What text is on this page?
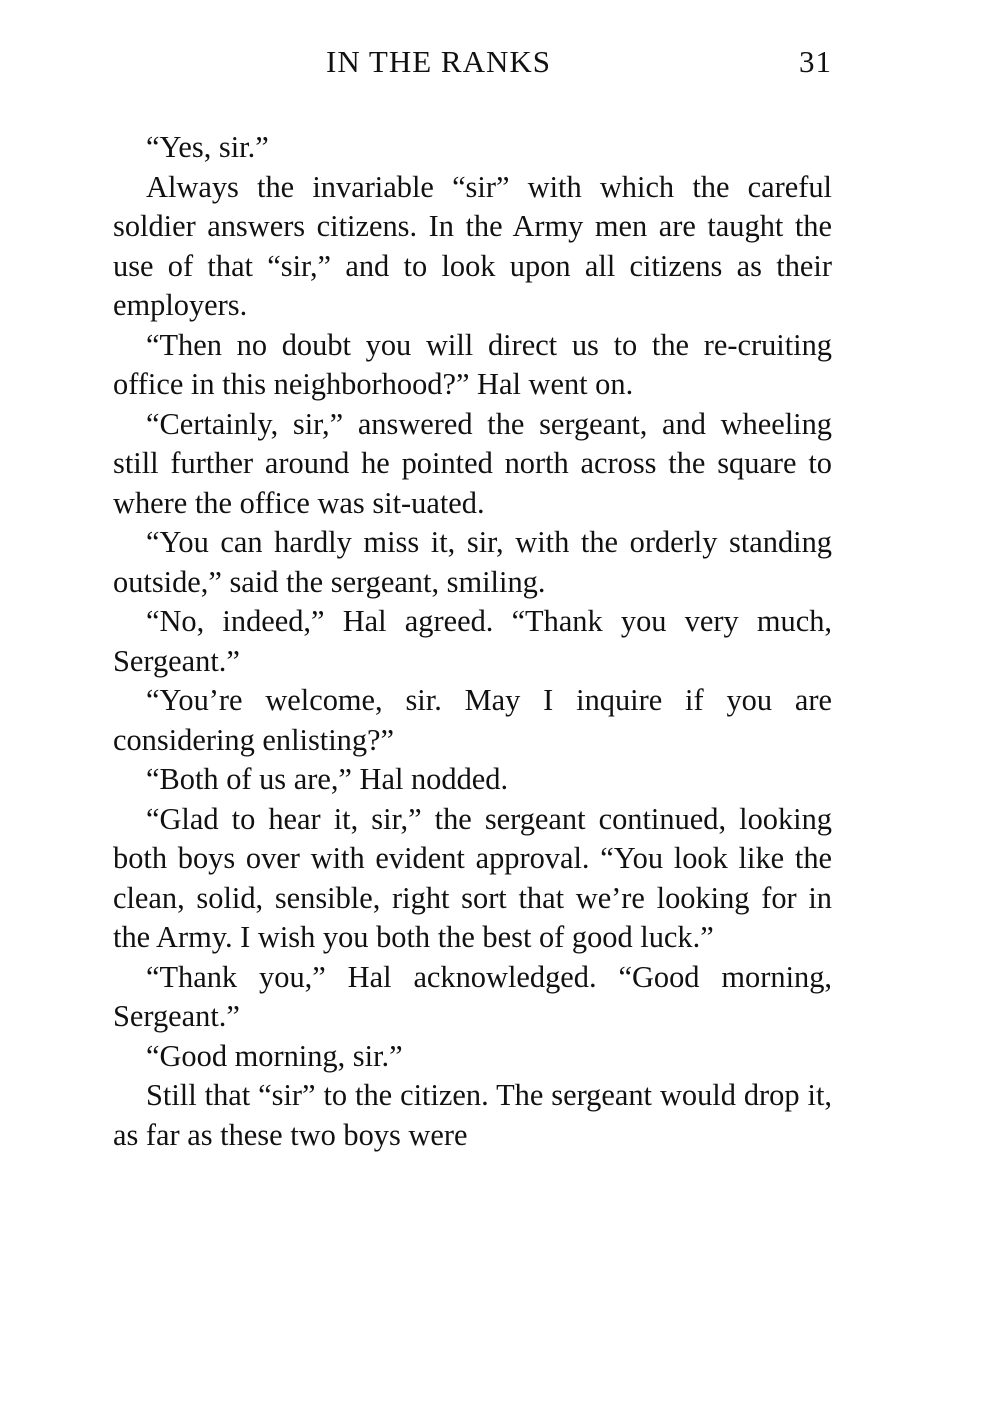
IN THE RANKS	31

“Yes, sir.”

Always the invariable “sir” with which the careful soldier answers citizens. In the Army men are taught the use of that “sir,” and to look upon all citizens as their employers.

“Then no doubt you will direct us to the re-cruiting office in this neighborhood?” Hal went on.

“Certainly, sir,” answered the sergeant, and wheeling still further around he pointed north across the square to where the office was sit-uated.

“You can hardly miss it, sir, with the orderly standing outside,” said the sergeant, smiling.

“No, indeed,” Hal agreed. “Thank you very much, Sergeant.”

“You’re welcome, sir. May I inquire if you are considering enlisting?”

“Both of us are,” Hal nodded.

“Glad to hear it, sir,” the sergeant continued, looking both boys over with evident approval. “You look like the clean, solid, sensible, right sort that we’re looking for in the Army. I wish you both the best of good luck.”

“Thank you,” Hal acknowledged. “Good morning, Sergeant.”

“Good morning, sir.”

Still that “sir” to the citizen. The sergeant would drop it, as far as these two boys were
